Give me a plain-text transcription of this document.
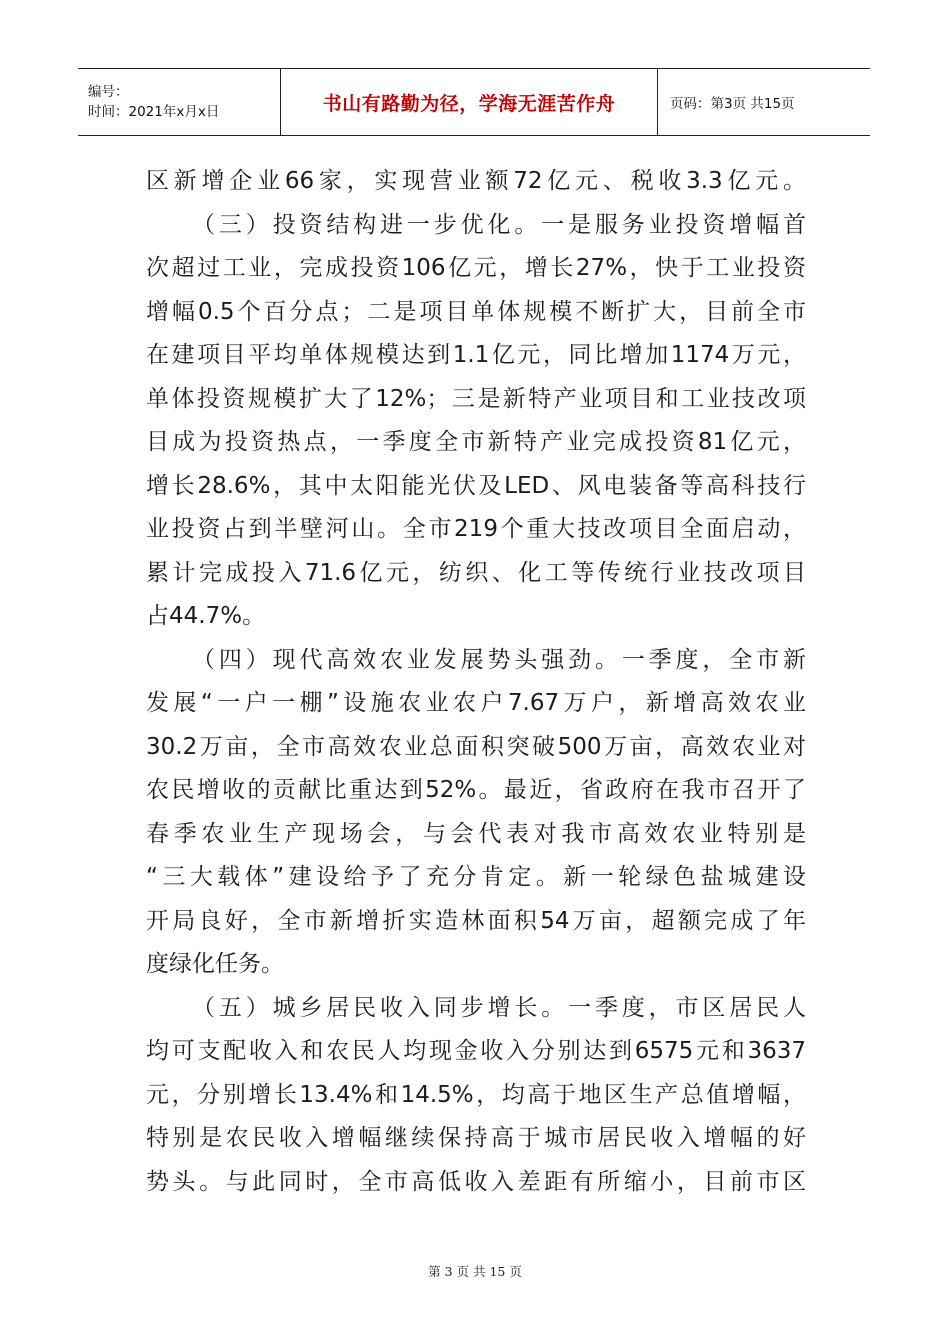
编号：
时间：2021年x月x日	书山有路勤为径，学海无涯苦作舟	页码：第3页 共15页
区新增企业66家，实现营业额72亿元、税收3.3亿元。
（三）投资结构进一步优化。一是服务业投资增幅首
次超过工业，完成投资106亿元，增长27%，快于工业投资
增幅0.5个百分点；二是项目单体规模不断扩大，目前全市
在建项目平均单体规模达到1.1亿元，同比增加1174万元，
单体投资规模扩大了12%；三是新特产业项目和工业技改项
目成为投资热点，一季度全市新特产业完成投资81亿元，
增长28.6%，其中太阳能光伏及LED、风电装备等高科技行
业投资占到半壁河山。全市219个重大技改项目全面启动，
累计完成投入71.6亿元，纺织、化工等传统行业技改项目
占44.7%。
（四）现代高效农业发展势头强劲。一季度，全市新
发展“一户一棚”设施农业农户7.67万户，新增高效农业
30.2万亩，全市高效农业总面积突破500万亩，高效农业对
农民增收的贡献比重达到52%。最近，省政府在我市召开了
春季农业生产现场会，与会代表对我市高效农业特别是
“三大载体”建设给予了充分肯定。新一轮绿色盐城建设
开局良好，全市新增折实造林面积54万亩，超额完成了年
度绿化任务。
（五）城乡居民收入同步增长。一季度，市区居民人
均可支配收入和农民人均现金收入分别达到6575元和3637
元，分别增长13.4%和14.5%，均高于地区生产总值增幅，
特别是农民收入增幅继续保持高于城市居民收入增幅的好
势头。与此同时，全市高低收入差距有所缩小，目前市区
第 3 页 共 15 页
